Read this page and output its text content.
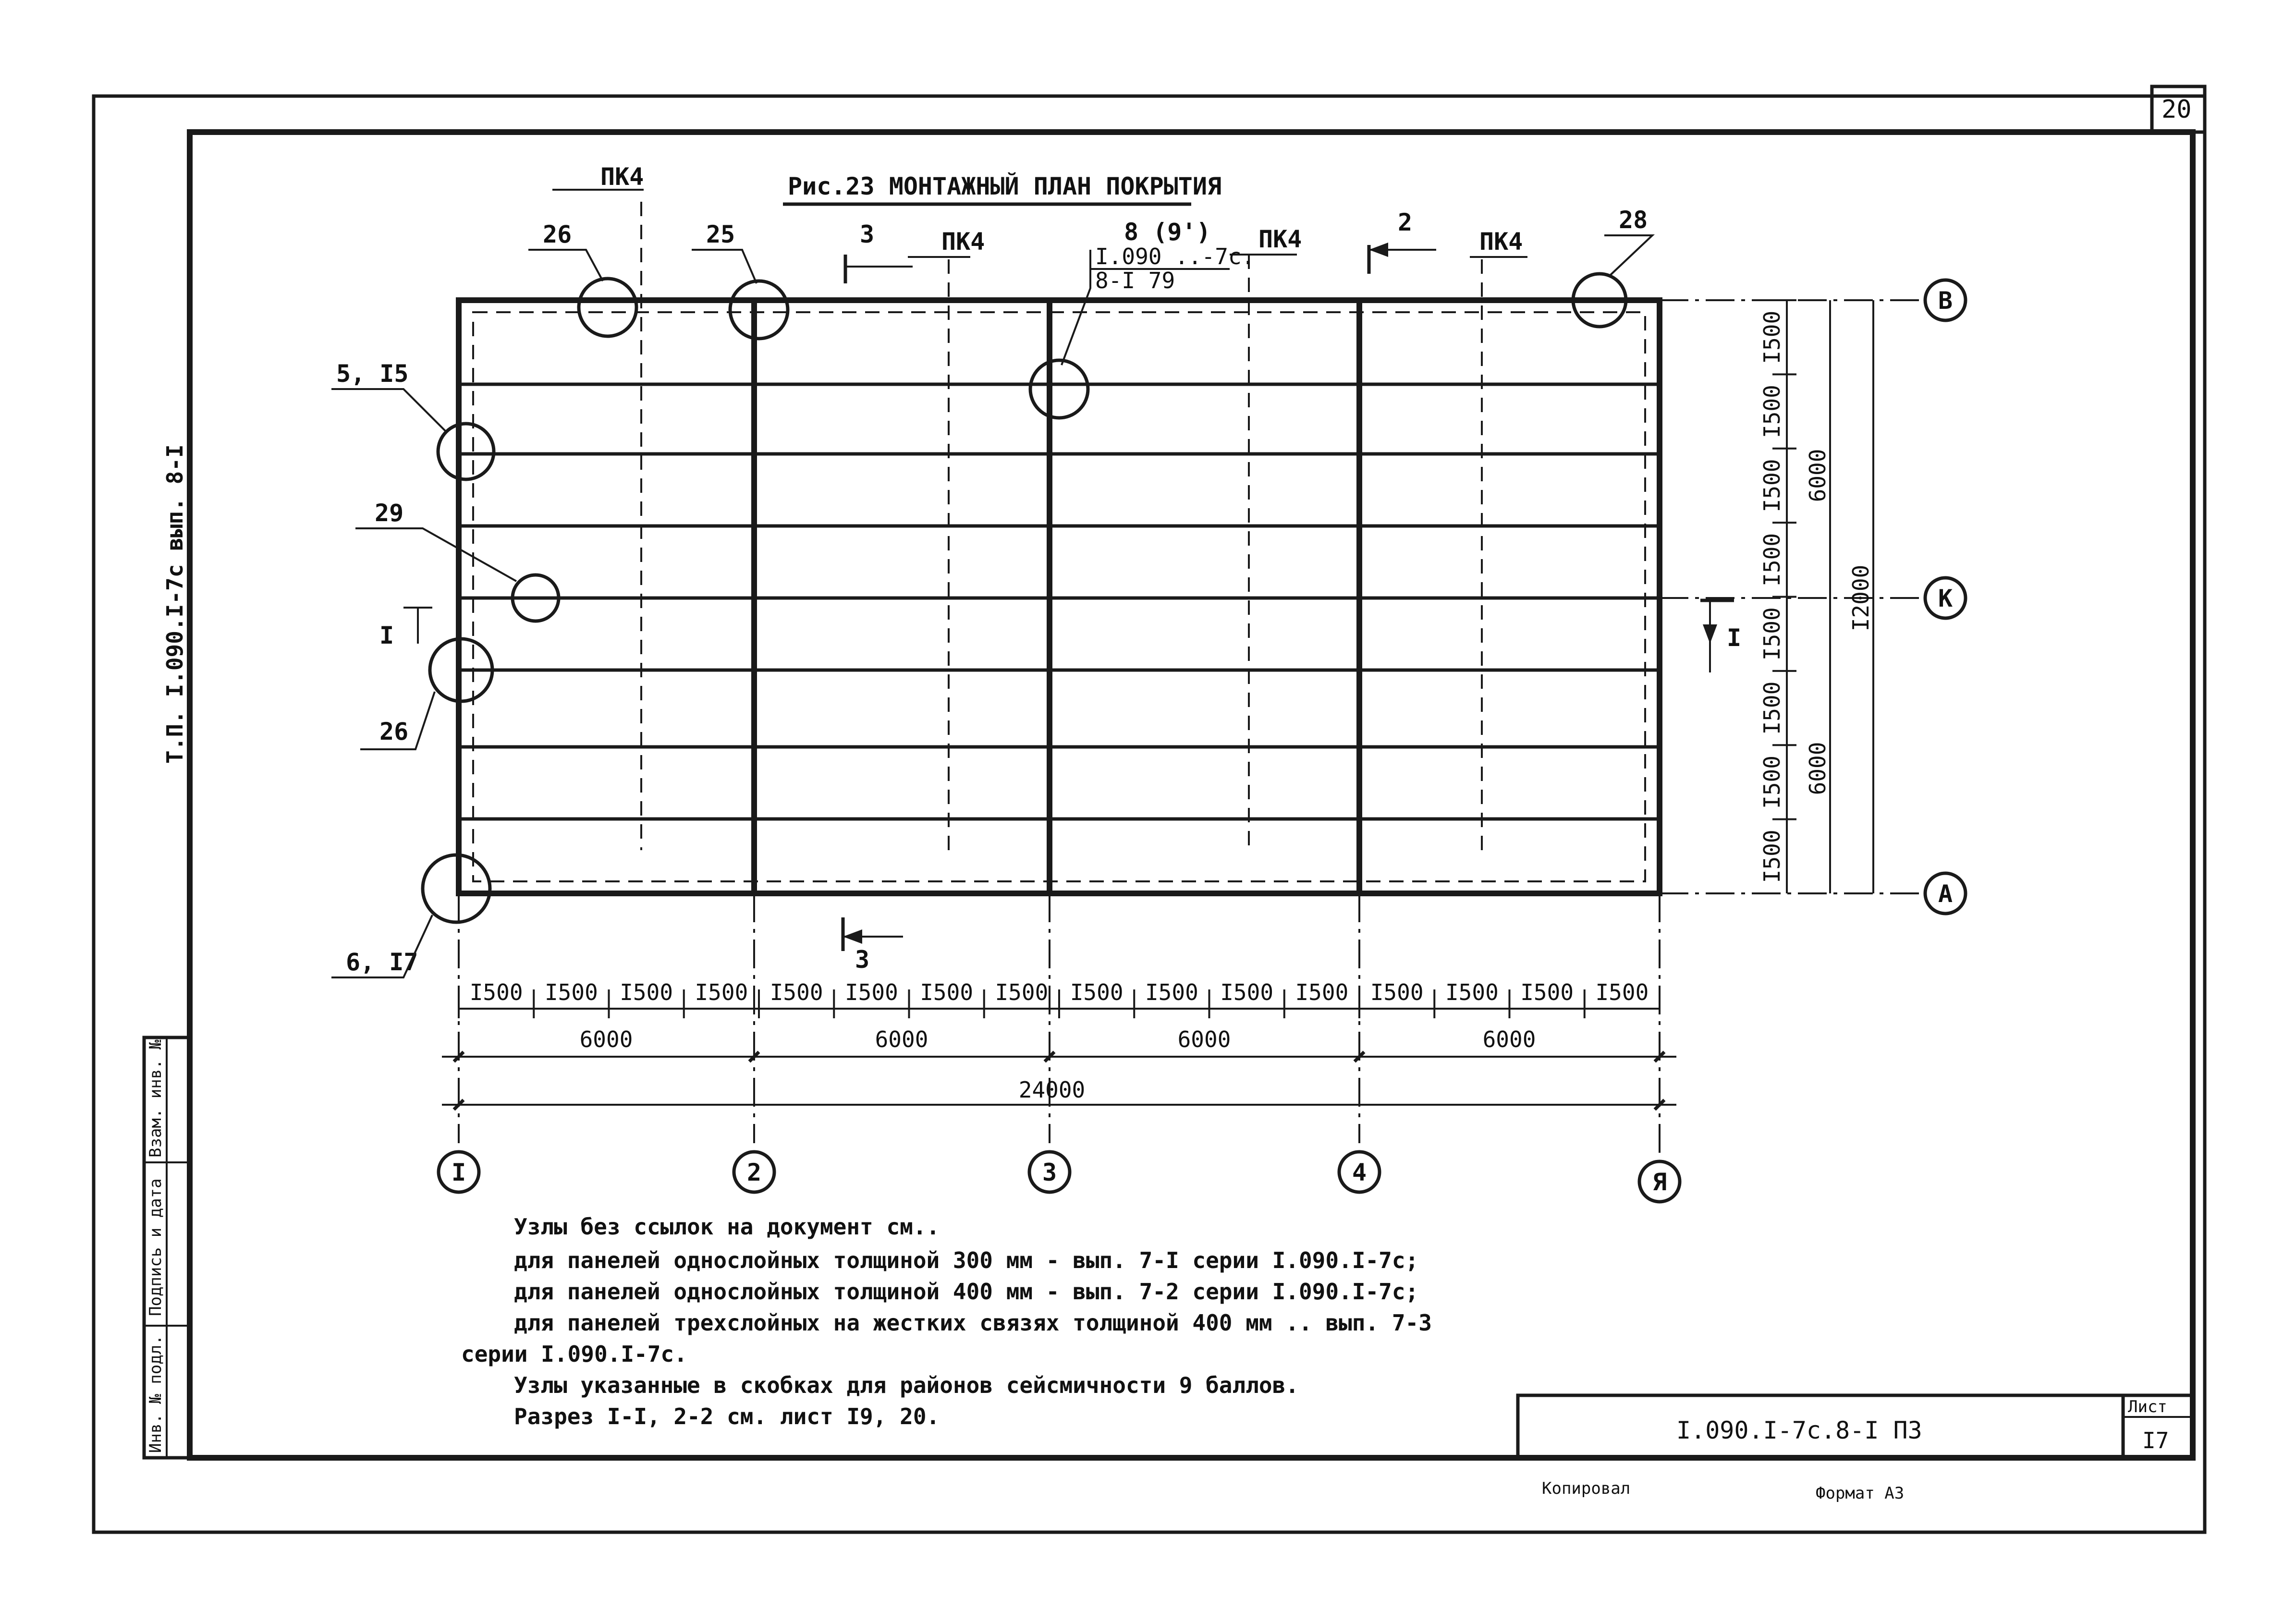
20
Т.П. I.090.I-7с вып. 8-I
Взам. инв. №
Подпись и дата
Инв. № подл.
Рис.23 МОНТАЖНЫЙ ПЛАН ПОКРЫТИЯ
I	2	3	4	Я
В
К
А
26	25
28
5, I5
29
26
6, I7
ПК4
ПК4	ПК4	ПК4
8 (9')
I.090 ..-7с.
8-I 79
3	2
3
I	I
I500 I500 I500 I500 I500 I500 I500 I500 I500 I500 I500 I500 I500 I500 I500 I500
6000	6000	6000	6000
24000
I500
I500
I500
I500
I500
I500
I500
I500
6000
6000
I2000
Узлы без ссылок на документ см..
для панелей однослойных толщиной 300 мм - вып. 7-I серии I.090.I-7с;
для панелей однослойных толщиной 400 мм - вып. 7-2 серии I.090.I-7с;
для панелей трехслойных на жестких связях толщиной 400 мм .. вып. 7-3
серии I.090.I-7с.
Узлы указанные в скобках для районов сейсмичности 9 баллов.
Разрез I-I, 2-2 см. лист I9, 20.	I.090.I-7с.8-I ПЗ
Лист
I7
Копировал	Формат А3
